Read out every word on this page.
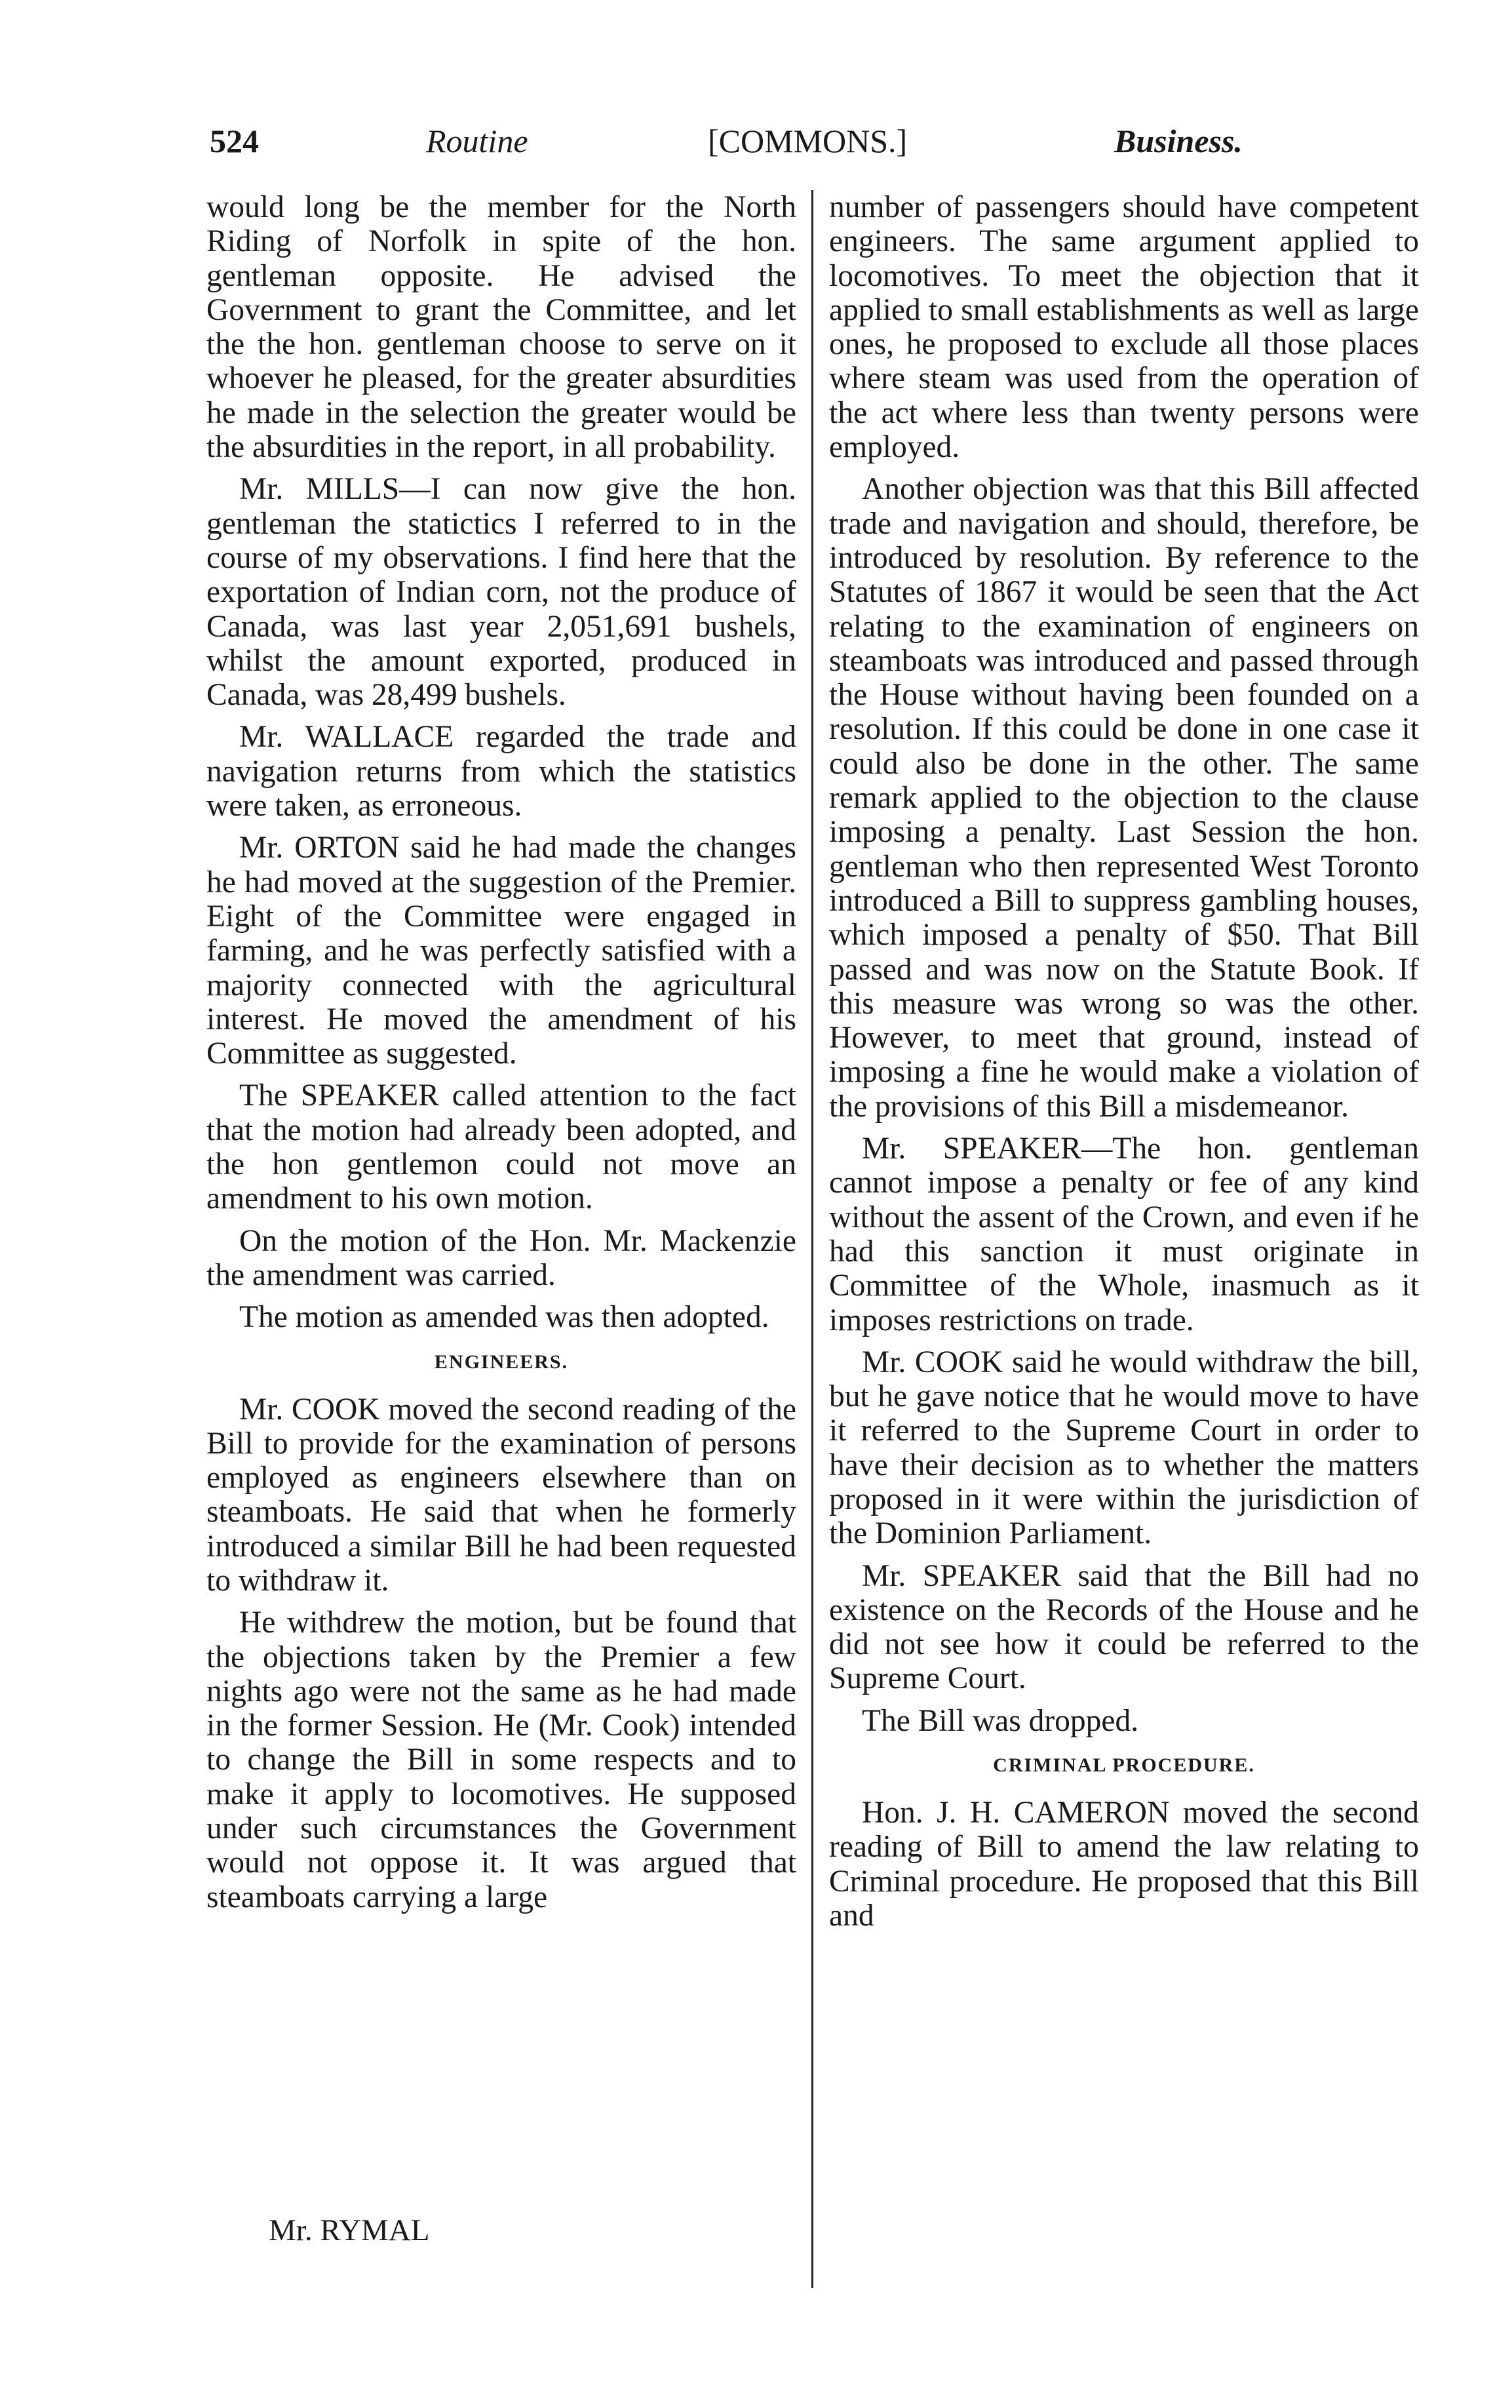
524	Routine	[COMMONS.]	Business.

would long be the member for the North Riding of Norfolk in spite of the hon. gentleman opposite. He advised the Government to grant the Committee, and let the the hon. gentleman choose to serve on it whoever he pleased, for the greater absurdities he made in the selection the greater would be the absurdities in the report, in all probability.

Mr. MILLS—I can now give the hon. gentleman the statictics I referred to in the course of my observations. I find here that the exportation of Indian corn, not the produce of Canada, was last year 2,051,691 bushels, whilst the amount exported, produced in Canada, was 28,499 bushels.

Mr. WALLACE regarded the trade and navigation returns from which the statistics were taken, as erroneous.

Mr. ORTON said he had made the changes he had moved at the suggestion of the Premier. Eight of the Committee were engaged in farming, and he was perfectly satisfied with a majority connected with the agricultural interest. He moved the amendment of his Committee as suggested.

The SPEAKER called attention to the fact that the motion had already been adopted, and the hon gentlemon could not move an amendment to his own motion.

On the motion of the Hon. Mr. Mackenzie the amendment was carried.

The motion as amended was then adopted.

ENGINEERS.

Mr. COOK moved the second reading of the Bill to provide for the examination of persons employed as engineers elsewhere than on steamboats. He said that when he formerly introduced a similar Bill he had been requested to withdraw it.

He withdrew the motion, but be found that the objections taken by the Premier a few nights ago were not the same as he had made in the former Session. He (Mr. Cook) intended to change the Bill in some respects and to make it apply to locomotives. He supposed under such circumstances the Government would not oppose it. It was argued that steamboats carrying a large

number of passengers should have competent engineers. The same argument applied to locomotives. To meet the objection that it applied to small establishments as well as large ones, he proposed to exclude all those places where steam was used from the operation of the act where less than twenty persons were employed.

Another objection was that this Bill affected trade and navigation and should, therefore, be introduced by resolution. By reference to the Statutes of 1867 it would be seen that the Act relating to the examination of engineers on steamboats was introduced and passed through the House without having been founded on a resolution. If this could be done in one case it could also be done in the other. The same remark applied to the objection to the clause imposing a penalty. Last Session the hon. gentleman who then represented West Toronto introduced a Bill to suppress gambling houses, which imposed a penalty of $50. That Bill passed and was now on the Statute Book. If this measure was wrong so was the other. However, to meet that ground, instead of imposing a fine he would make a violation of the provisions of this Bill a misdemeanor.

Mr. SPEAKER—The hon. gentleman cannot impose a penalty or fee of any kind without the assent of the Crown, and even if he had this sanction it must originate in Committee of the Whole, inasmuch as it imposes restrictions on trade.

Mr. COOK said he would withdraw the bill, but he gave notice that he would move to have it referred to the Supreme Court in order to have their decision as to whether the matters proposed in it were within the jurisdiction of the Dominion Parliament.

Mr. SPEAKER said that the Bill had no existence on the Records of the House and he did not see how it could be referred to the Supreme Court.

The Bill was dropped.

CRIMINAL PROCEDURE.

Hon. J. H. CAMERON moved the second reading of Bill to amend the law relating to Criminal procedure. He proposed that this Bill and

Mr. RYMAL
